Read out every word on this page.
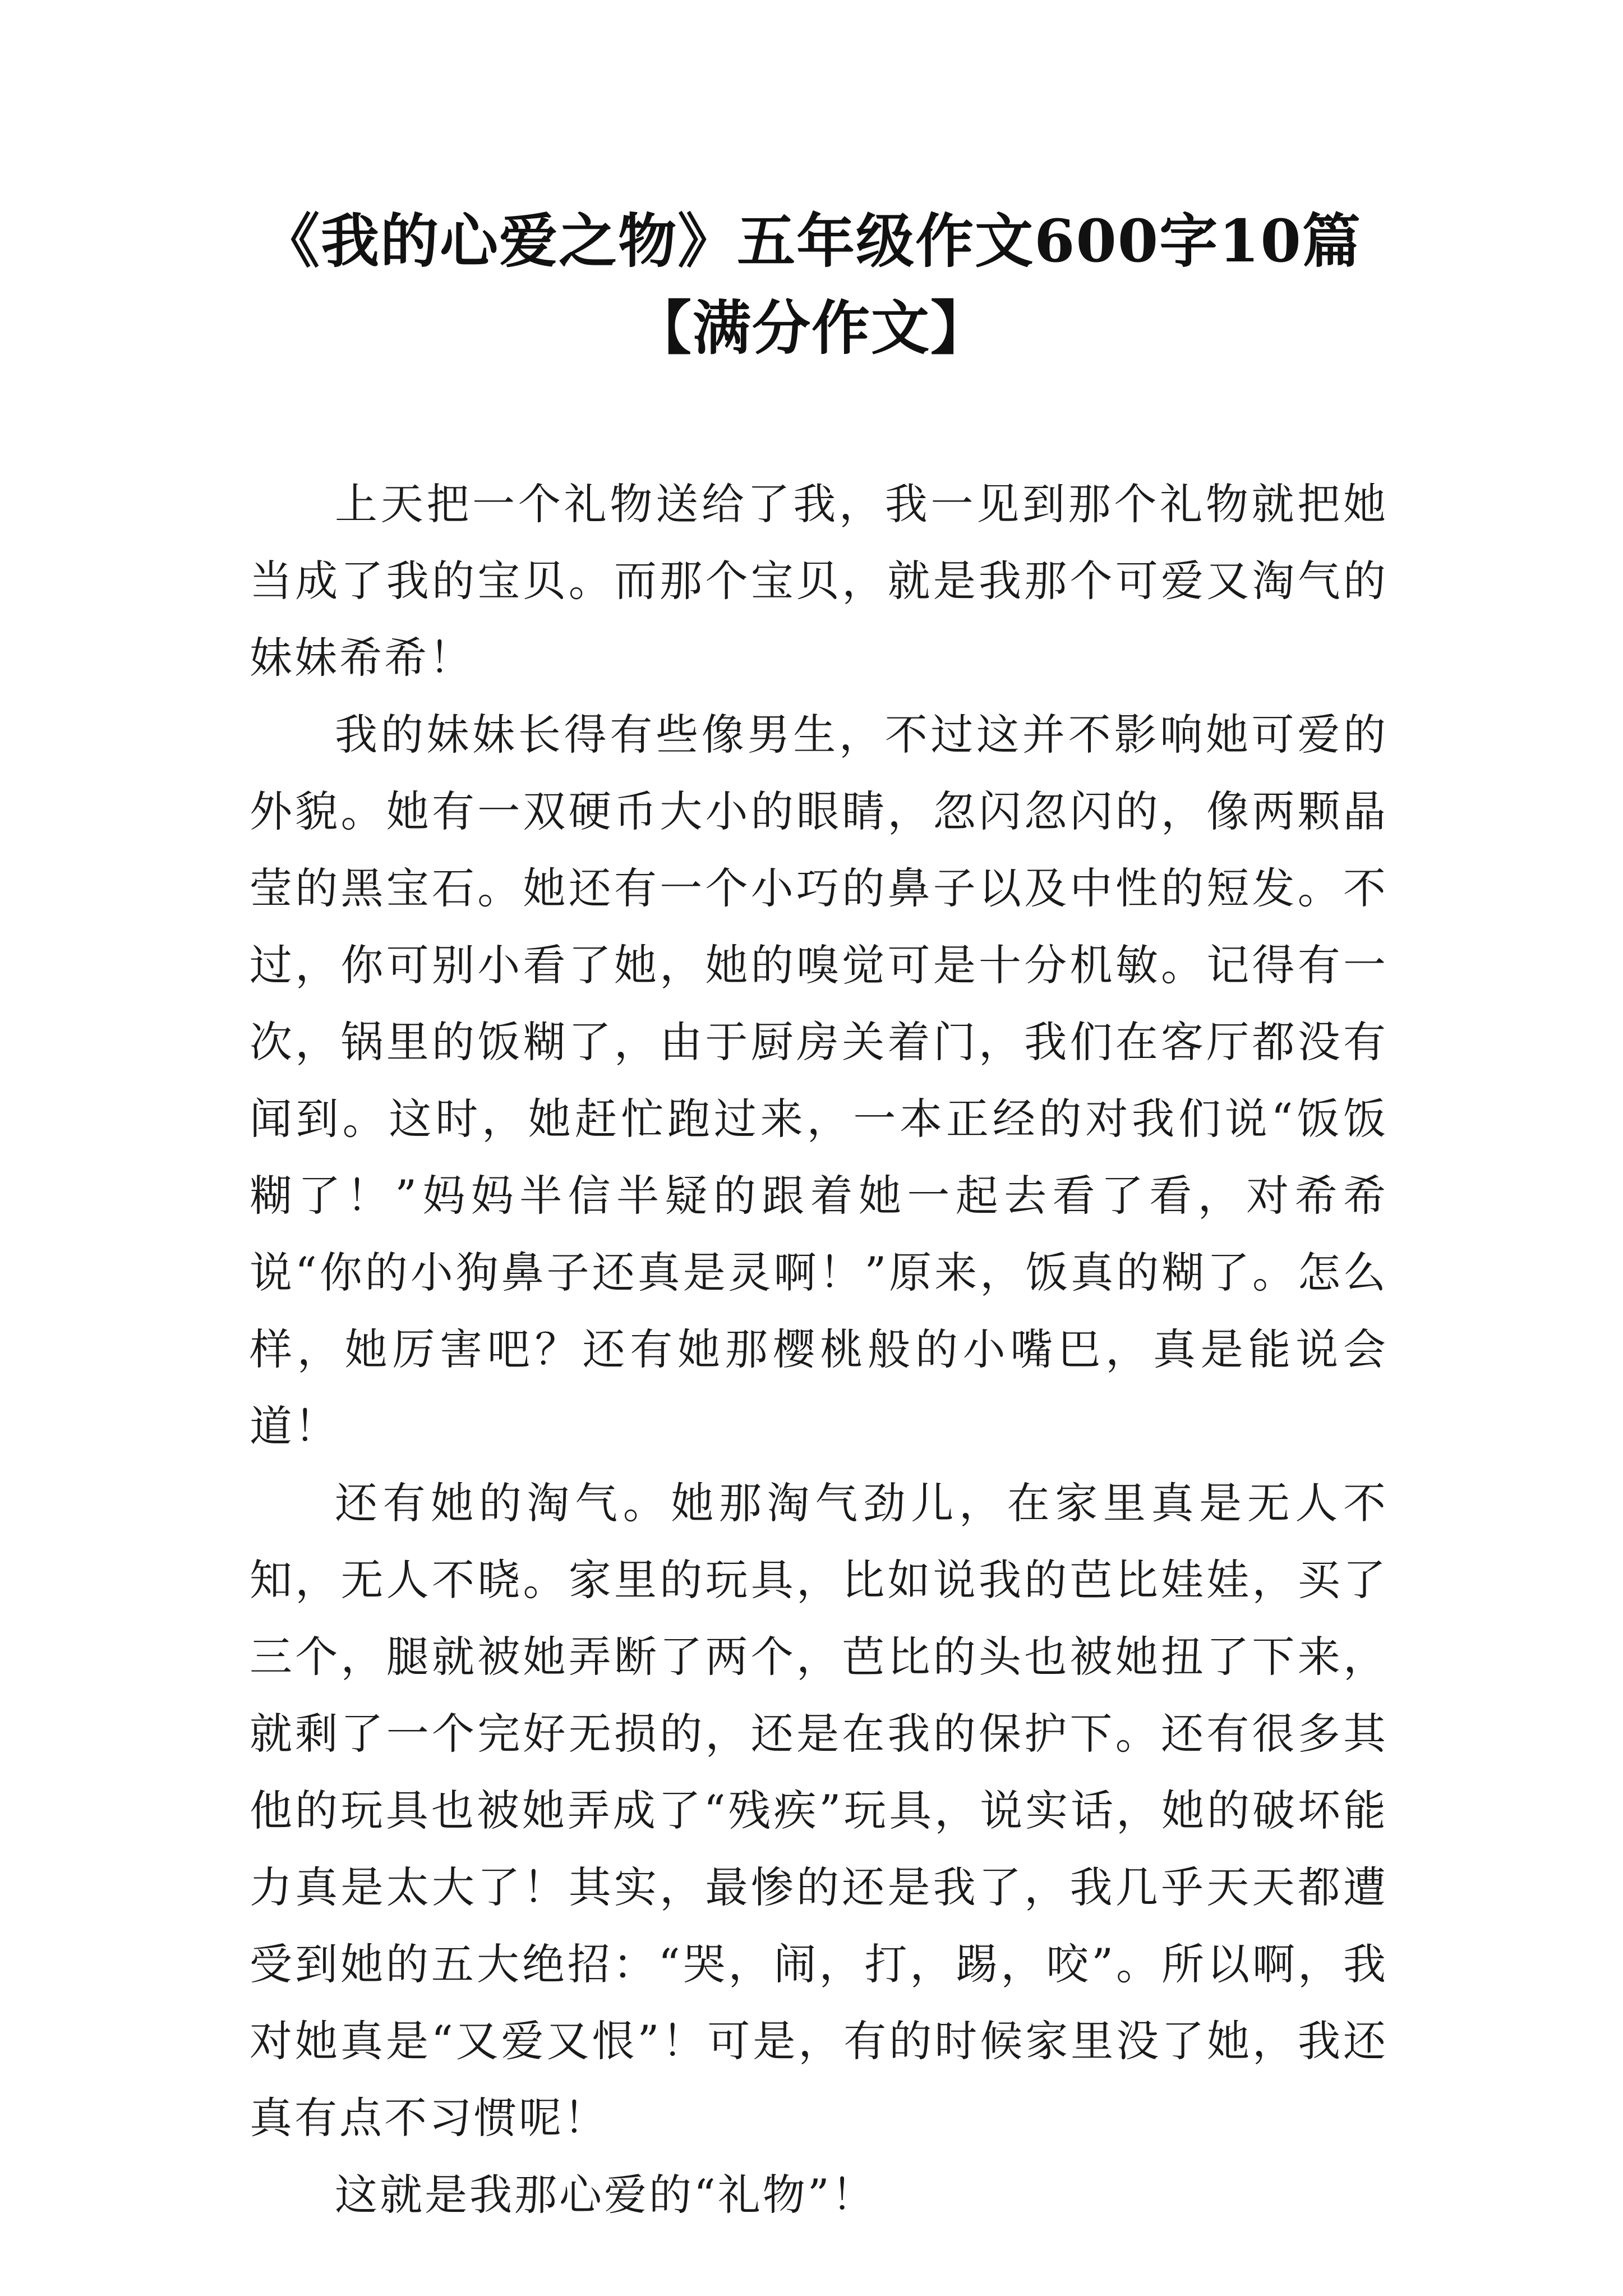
《我的心爱之物》五年级作文600字10篇
【满分作文】

上天把一个礼物送给了我，我一见到那个礼物就把她当成了我的宝贝。而那个宝贝，就是我那个可爱又淘气的妹妹希希！

我的妹妹长得有些像男生，不过这并不影响她可爱的外貌。她有一双硬币大小的眼睛，忽闪忽闪的，像两颗晶莹的黑宝石。她还有一个小巧的鼻子以及中性的短发。不过，你可别小看了她，她的嗅觉可是十分机敏。记得有一次，锅里的饭糊了，由于厨房关着门，我们在客厅都没有闻到。这时，她赶忙跑过来，一本正经的对我们说“饭饭糊了！”妈妈半信半疑的跟着她一起去看了看，对希希说“你的小狗鼻子还真是灵啊！”原来，饭真的糊了。怎么样，她厉害吧？还有她那樱桃般的小嘴巴，真是能说会道！

还有她的淘气。她那淘气劲儿，在家里真是无人不知，无人不晓。家里的玩具，比如说我的芭比娃娃，买了三个，腿就被她弄断了两个，芭比的头也被她扭了下来，就剩了一个完好无损的，还是在我的保护下。还有很多其他的玩具也被她弄成了“残疾”玩具，说实话，她的破坏能力真是太大了！其实，最惨的还是我了，我几乎天天都遭受到她的五大绝招：“哭，闹，打，踢，咬”。所以啊，我对她真是“又爱又恨”！可是，有的时候家里没了她，我还真有点不习惯呢！

这就是我那心爱的“礼物”！
